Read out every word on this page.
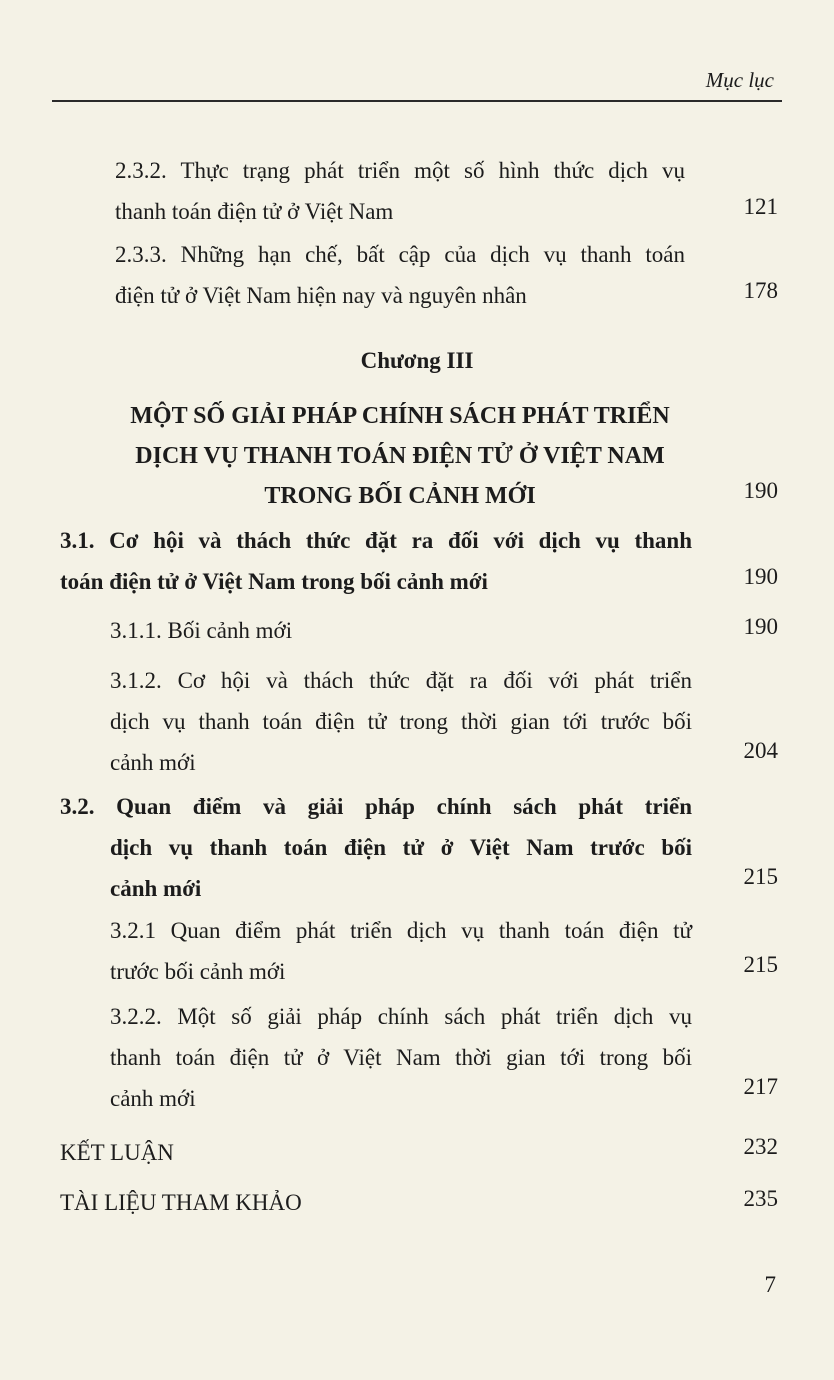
Mục lục
2.3.2. Thực trạng phát triển một số hình thức dịch vụ
thanh toán điện tử ở Việt Nam	121
2.3.3. Những hạn chế, bất cập của dịch vụ thanh toán
điện tử ở Việt Nam hiện nay và nguyên nhân	178
Chương III
MỘT SỐ GIẢI PHÁP CHÍNH SÁCH PHÁT TRIỂN
DỊCH VỤ THANH TOÁN ĐIỆN TỬ Ở VIỆT NAM
TRONG BỐI CẢNH MỚI	190
3.1. Cơ hội và thách thức đặt ra đối với dịch vụ thanh
toán điện tử ở Việt Nam trong bối cảnh mới	190
3.1.1. Bối cảnh mới	190
3.1.2. Cơ hội và thách thức đặt ra đối với phát triển
dịch vụ thanh toán điện tử trong thời gian tới trước bối
cảnh mới	204
3.2. Quan điểm và giải pháp chính sách phát triển
dịch vụ thanh toán điện tử ở Việt Nam trước bối
cảnh mới	215
3.2.1 Quan điểm phát triển dịch vụ thanh toán điện tử
trước bối cảnh mới	215
3.2.2. Một số giải pháp chính sách phát triển dịch vụ
thanh toán điện tử ở Việt Nam thời gian tới trong bối
cảnh mới	217
KẾT LUẬN	232
TÀI LIỆU THAM KHẢO	235
7
